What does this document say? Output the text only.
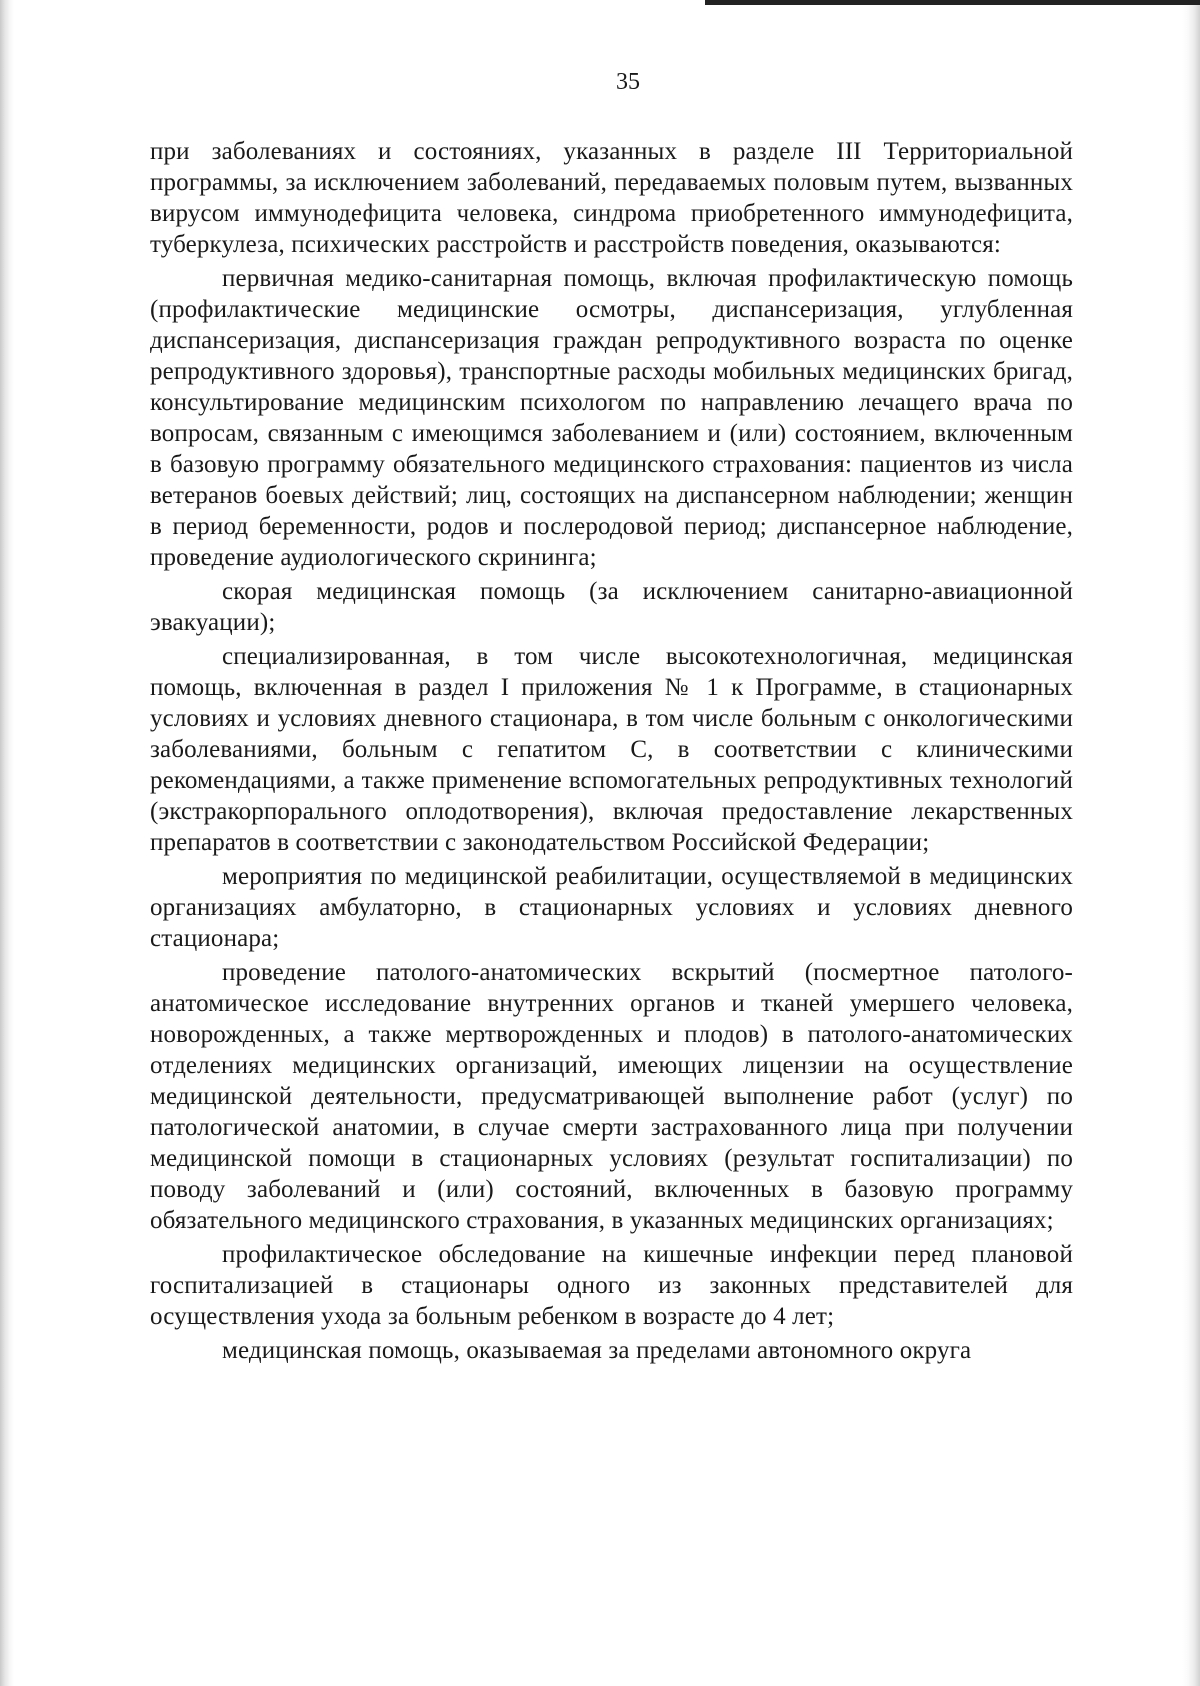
35

при заболеваниях и состояниях, указанных в разделе III Территориальной программы, за исключением заболеваний, передаваемых половым путем, вызванных вирусом иммунодефицита человека, синдрома приобретенного иммунодефицита, туберкулеза, психических расстройств и расстройств поведения, оказываются:

первичная медико-санитарная помощь, включая профилактическую помощь (профилактические медицинские осмотры, диспансеризация, углубленная диспансеризация, диспансеризация граждан репродуктивного возраста по оценке репродуктивного здоровья), транспортные расходы мобильных медицинских бригад, консультирование медицинским психологом по направлению лечащего врача по вопросам, связанным с имеющимся заболеванием и (или) состоянием, включенным в базовую программу обязательного медицинского страхования: пациентов из числа ветеранов боевых действий; лиц, состоящих на диспансерном наблюдении; женщин в период беременности, родов и послеродовой период; диспансерное наблюдение, проведение аудиологического скрининга;

скорая медицинская помощь (за исключением санитарно-авиационной эвакуации);

специализированная, в том числе высокотехнологичная, медицинская помощь, включенная в раздел I приложения № 1 к Программе, в стационарных условиях и условиях дневного стационара, в том числе больным с онкологическими заболеваниями, больным с гепатитом C, в соответствии с клиническими рекомендациями, а также применение вспомогательных репродуктивных технологий (экстракорпорального оплодотворения), включая предоставление лекарственных препаратов в соответствии с законодательством Российской Федерации;

мероприятия по медицинской реабилитации, осуществляемой в медицинских организациях амбулаторно, в стационарных условиях и условиях дневного стационара;

проведение патолого-анатомических вскрытий (посмертное патолого-анатомическое исследование внутренних органов и тканей умершего человека, новорожденных, а также мертворожденных и плодов) в патолого-анатомических отделениях медицинских организаций, имеющих лицензии на осуществление медицинской деятельности, предусматривающей выполнение работ (услуг) по патологической анатомии, в случае смерти застрахованного лица при получении медицинской помощи в стационарных условиях (результат госпитализации) по поводу заболеваний и (или) состояний, включенных в базовую программу обязательного медицинского страхования, в указанных медицинских организациях;

профилактическое обследование на кишечные инфекции перед плановой госпитализацией в стационары одного из законных представителей для осуществления ухода за больным ребенком в возрасте до 4 лет;

медицинская помощь, оказываемая за пределами автономного округа
